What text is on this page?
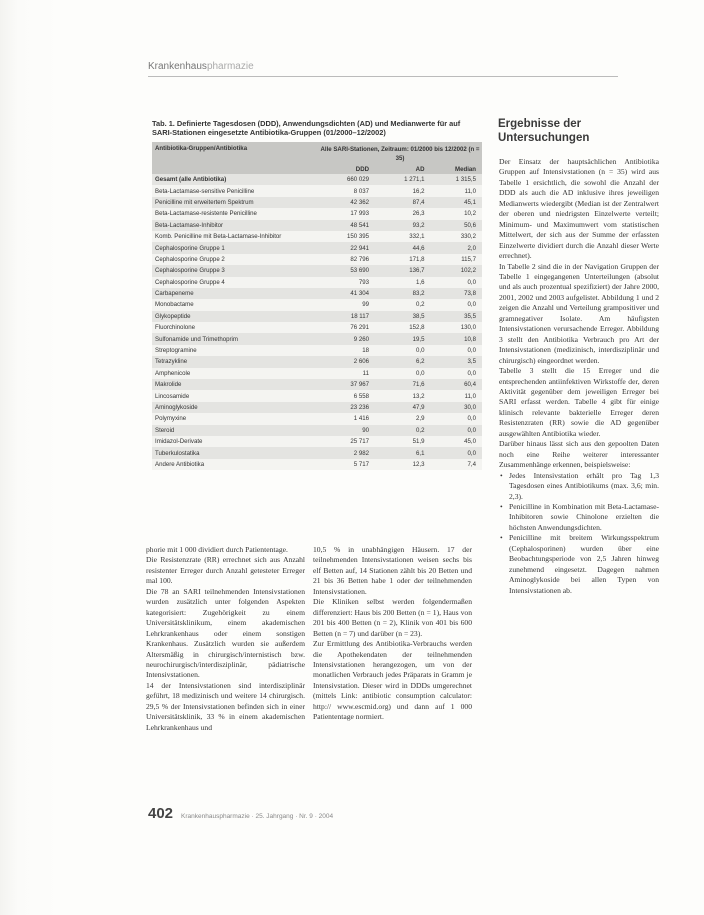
Krankenhauspharmazie
Tab. 1. Definierte Tagesdosen (DDD), Anwendungsdichten (AD) und Medianwerte für auf SARI-Stationen eingesetzte Antibiotika-Gruppen (01/2000–12/2002)
Antibiotika-Gruppen/Antibiotika	Alle SARI-Stationen, Zeitraum: 01/2000 bis 12/2002 (n = 35)
DDD	AD	Median
Gesamt (alle Antibiotika)	660 029	1 271,1	1 315,5
Beta-Lactamase-sensitive Penicilline	8 037	16,2	11,0
Penicilline mit erweitertem Spektrum	42 362	87,4	45,1
Beta-Lactamase-resistente Penicilline	17 993	26,3	10,2
Beta-Lactamase-Inhibitor	48 541	93,2	50,6
Komb. Penicilline mit Beta-Lactamase-Inhibitor	150 395	332,1	330,2
Cephalosporine Gruppe 1	22 941	44,6	2,0
Cephalosporine Gruppe 2	82 796	171,8	115,7
Cephalosporine Gruppe 3	53 690	136,7	102,2
Cephalosporine Gruppe 4	793	1,6	0,0
Carbapeneme	41 304	83,2	73,8
Monobactame	99	0,2	0,0
Glykopeptide	18 117	38,5	35,5
Fluorchinolone	76 291	152,8	130,0
Sulfonamide und Trimethoprim	9 260	19,5	10,8
Streptogramine	18	0,0	0,0
Tetrazykline	2 606	6,2	3,5
Amphenicole	11	0,0	0,0
Makrolide	37 967	71,6	60,4
Lincosamide	6 558	13,2	11,0
Aminoglykoside	23 236	47,9	30,0
Polymyxine	1 416	2,9	0,0
Steroid	90	0,2	0,0
Imidazol-Derivate	25 717	51,9	45,0
Tuberkulostatika	2 982	6,1	0,0
Andere Antibiotika	5 717	12,3	7,4

phorie mit 1 000 dividiert durch Patiententage.

Die Resistenzrate (RR) errechnet sich aus Anzahl resistenter Erreger durch Anzahl getesteter Erreger mal 100.

Die 78 an SARI teilnehmenden Intensivstationen wurden zusätzlich unter folgenden Aspekten kategorisiert: Zugehörigkeit zu einem Universitätsklinikum, einem akademischen Lehrkrankenhaus oder einem sonstigen Krankenhaus. Zusätzlich wurden sie außerdem Altersmäßig in chirurgisch/internistisch bzw. neurochirurgisch/interdisziplinär, pädiatrische Intensivstationen.

14 der Intensivstationen sind interdisziplinär geführt, 18 medizinisch und weitere 14 chirurgisch. 29,5 % der Intensivstationen befinden sich in einer Universitätsklinik, 33 % in einem akademischen Lehrkrankenhaus und

10,5 % in unabhängigen Häusern. 17 der teilnehmenden Intensivstationen weisen sechs bis elf Betten auf, 14 Stationen zählt bis 20 Betten und 21 bis 36 Betten habe 1 oder der teilnehmenden Intensivstationen.

Die Kliniken selbst werden folgendermaßen differenziert: Haus bis 200 Betten (n = 1), Haus von 201 bis 400 Betten (n = 2), Klinik von 401 bis 600 Betten (n = 7) und darüber (n = 23).

Zur Ermittlung des Antibiotika-Verbrauchs werden die Apothekendaten der teilnehmenden Intensivstationen herangezogen, um von der monatlichen Verbrauch jedes Präparats in Gramm je Intensivstation. Dieser wird in DDDs umgerechnet (mittels Link: antibiotic consumption calculator: http:// www.escmid.org) und dann auf 1 000 Patiententage normiert.

Ergebnisse der
Untersuchungen

Der Einsatz der hauptsächlichen Antibiotika Gruppen auf Intensivstationen (n = 35) wird aus Tabelle 1 ersichtlich, die sowohl die Anzahl der DDD als auch die AD inklusive ihres jeweiligen Medianwerts wiedergibt (Median ist der Zentralwert der oberen und niedrigsten Einzelwerte verteilt; Minimum- und Maximumwert vom statistischen Mittelwert, der sich aus der Summe der erfassten Einzelwerte dividiert durch die Anzahl dieser Werte errechnet).

In Tabelle 2 sind die in der Navigation Gruppen der Tabelle 1 eingegangenen Unterteilungen (absolut und als auch prozentual spezifiziert) der Jahre 2000, 2001, 2002 und 2003 aufgelistet. Abbildung 1 und 2 zeigen die Anzahl und Verteilung grampositiver und gramnegativer Isolate. Am häufigsten Intensivstationen verursachende Erreger. Abbildung 3 stellt den Antibiotika Verbrauch pro Art der Intensivstationen (medizinisch, interdisziplinär und chirurgisch) eingeordnet werden.

Tabelle 3 stellt die 15 Erreger und die entsprechenden antiinfektiven Wirkstoffe der, deren Aktivität gegenüber dem jeweiligen Erreger bei SARI erfasst werden. Tabelle 4 gibt für einige klinisch relevante bakterielle Erreger deren Resistenzraten (RR) sowie die AD gegenüber ausgewählten Antibiotika wieder.

Darüber hinaus lässt sich aus den gepoolten Daten noch eine Reihe weiterer interessanter Zusammenhänge erkennen, beispielsweise:

• Jedes Intensivstation erhält pro Tag 1,3 Tagesdosen eines Antibiotikums (max. 3,6; min. 2,3).
• Penicilline in Kombination mit Beta-Lactamase-Inhibitoren sowie Chinolone erzielten die höchsten Anwendungsdichten.
• Penicilline mit breitem Wirkungsspektrum (Cephalosporinen) wurden über eine Beobachtungsperiode von 2,5 Jahren hinweg zunehmend eingesetzt. Dagegen nahmen Aminoglykoside bei allen Typen von Intensivstationen ab.
402 Krankenhauspharmazie · 25. Jahrgang · Nr. 9 · 2004
